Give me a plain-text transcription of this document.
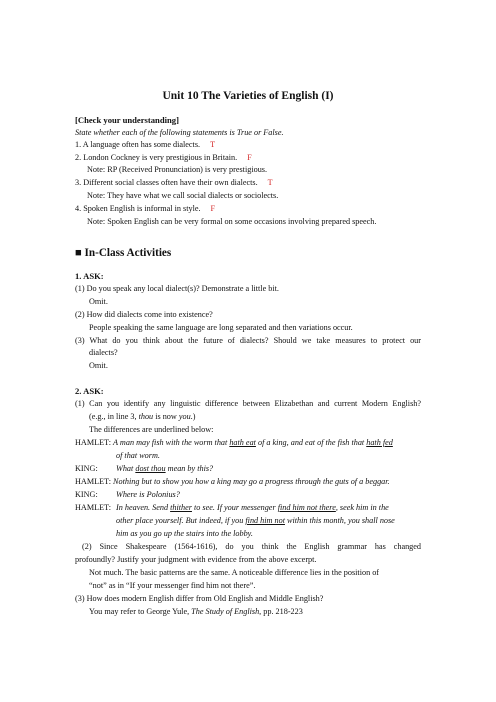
Unit 10 The Varieties of English (I)
[Check your understanding]
State whether each of the following statements is True or False.
1. A language often has some dialects. T
2. London Cockney is very prestigious in Britain. F
Note: RP (Received Pronunciation) is very prestigious.
3. Different social classes often have their own dialects. T
Note: They have what we call social dialects or sociolects.
4. Spoken English is informal in style. F
Note: Spoken English can be very formal on some occasions involving prepared speech.
■ In-Class Activities
1. ASK:
(1) Do you speak any local dialect(s)? Demonstrate a little bit.
Omit.
(2) How did dialects come into existence?
People speaking the same language are long separated and then variations occur.
(3) What do you think about the future of dialects? Should we take measures to protect our
dialects?
Omit.
2. ASK:
(1) Can you identify any linguistic difference between Elizabethan and current Modern English?
(e.g., in line 3, thou is now you.)
The differences are underlined below:
HAMLET: A man may fish with the worm that hath eat of a king, and eat of the fish that hath fed
of that worm.
KING: What dost thou mean by this?
HAMLET: Nothing but to show you how a king may go a progress through the guts of a beggar.
KING: Where is Polonius?
HAMLET: In heaven. Send thither to see. If your messenger find him not there, seek him in the
other place yourself. But indeed, if you find him not within this month, you shall nose
him as you go up the stairs into the lobby.
(2) Since Shakespeare (1564-1616), do you think the English grammar has changed
profoundly? Justify your judgment with evidence from the above excerpt.
Not much. The basic patterns are the same. A noticeable difference lies in the position of
“not” as in “If your messenger find him not there”.
(3) How does modern English differ from Old English and Middle English?
You may refer to George Yule, The Study of English, pp. 218-223
